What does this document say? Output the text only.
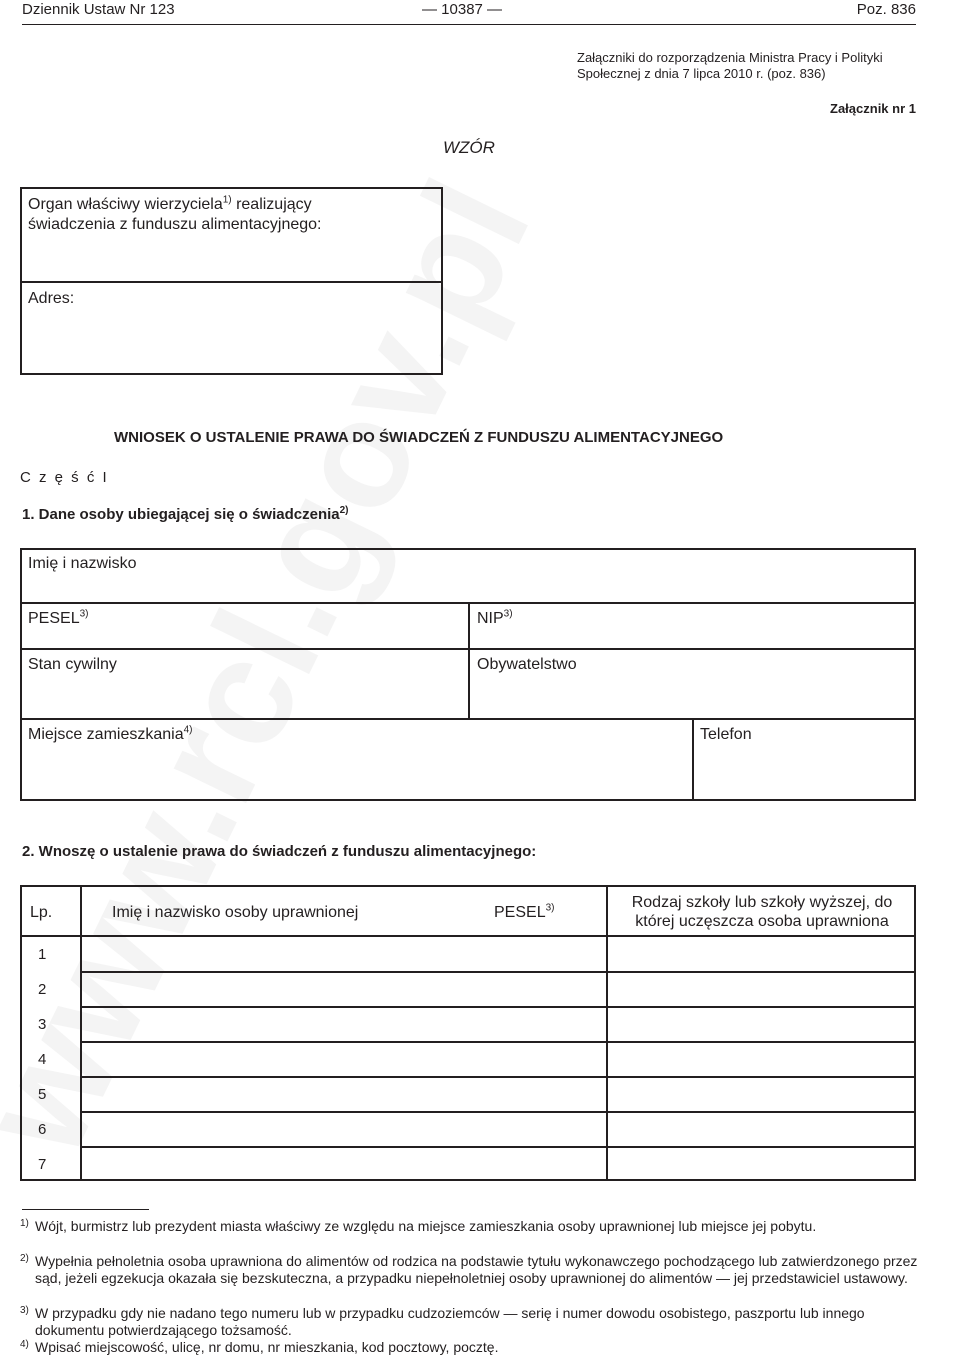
Dziennik Ustaw Nr 123	— 10387 —	Poz. 836
Załączniki do rozporządzenia Ministra Pracy i Polityki
Społecznej z dnia 7 lipca 2010 r. (poz. 836)
Załącznik nr 1
WZÓR
Organ właściwy wierzyciela$^{1)}$ realizujący
świadczenia z funduszu alimentacyjnego:
Adres:
WNIOSEK O USTALENIE PRAWA DO ŚWIADCZEŃ Z FUNDUSZU ALIMENTACYJNEGO
C z ę ś ć I
1. Dane osoby ubiegającej się o świadczenia$^{2)}$
Imię i nazwisko
PESEL$^{3)}$	NIP$^{3)}$
Stan cywilny	Obywatelstwo
Miejsce zamieszkania$^{4)}$	Telefon
2. Wnoszę o ustalenie prawa do świadczeń z funduszu alimentacyjnego:
Lp.	Imię i nazwisko osoby uprawnionej	PESEL$^{3)}$	Rodzaj szkoły lub szkoły wyższej, do
której uczęszcza osoba uprawniona
1
2
3
4
5
6
7
1) Wójt, burmistrz lub prezydent miasta właściwy ze względu na miejsce zamieszkania osoby uprawnionej lub miejsce jej pobytu.
2) Wypełnia pełnoletnia osoba uprawniona do alimentów od rodzica na podstawie tytułu wykonawczego pochodzącego lub zatwierdzonego przez sąd, jeżeli egzekucja okazała się bezskuteczna, a przypadku niepełnoletniej osoby uprawnionej do alimentów — jej przedstawiciel ustawowy.
3) W przypadku gdy nie nadano tego numeru lub w przypadku cudzoziemców — serię i numer dowodu osobistego, paszportu lub innego dokumentu potwierdzającego tożsamość.
4) Wpisać miejscowość, ulicę, nr domu, nr mieszkania, kod pocztowy, pocztę.
